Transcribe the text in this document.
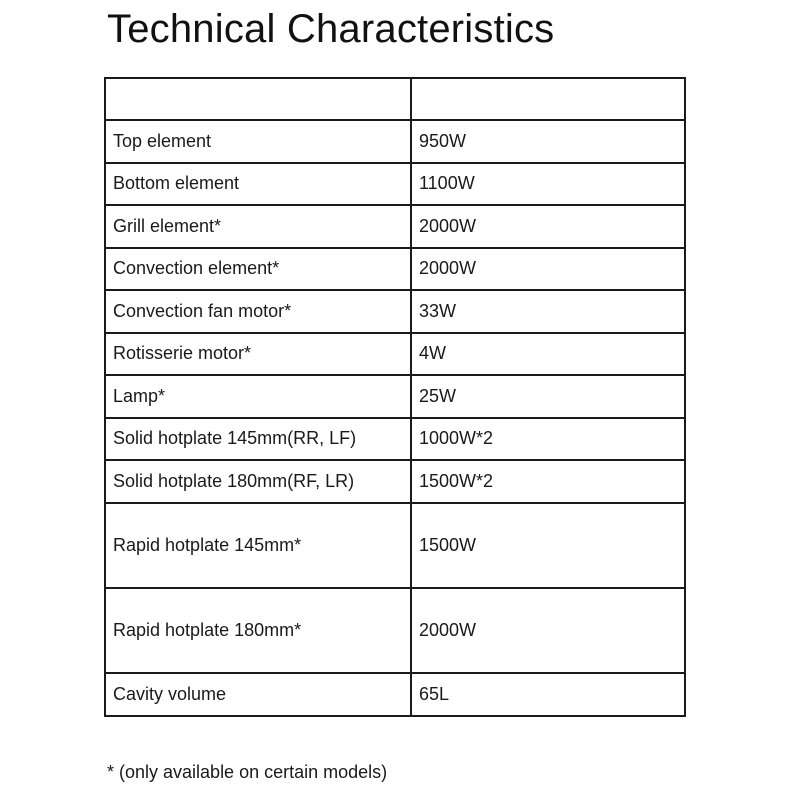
Technical Characteristics

Top element	950W
Bottom element	1100W
Grill element*	2000W
Convection element*	2000W
Convection fan motor*	33W
Rotisserie motor*	4W
Lamp*	25W
Solid hotplate 145mm(RR, LF)	1000W*2
Solid hotplate 180mm(RF, LR)	1500W*2
Rapid hotplate 145mm*	1500W
Rapid hotplate 180mm*	2000W
Cavity volume	65L

* (only available on certain models)
